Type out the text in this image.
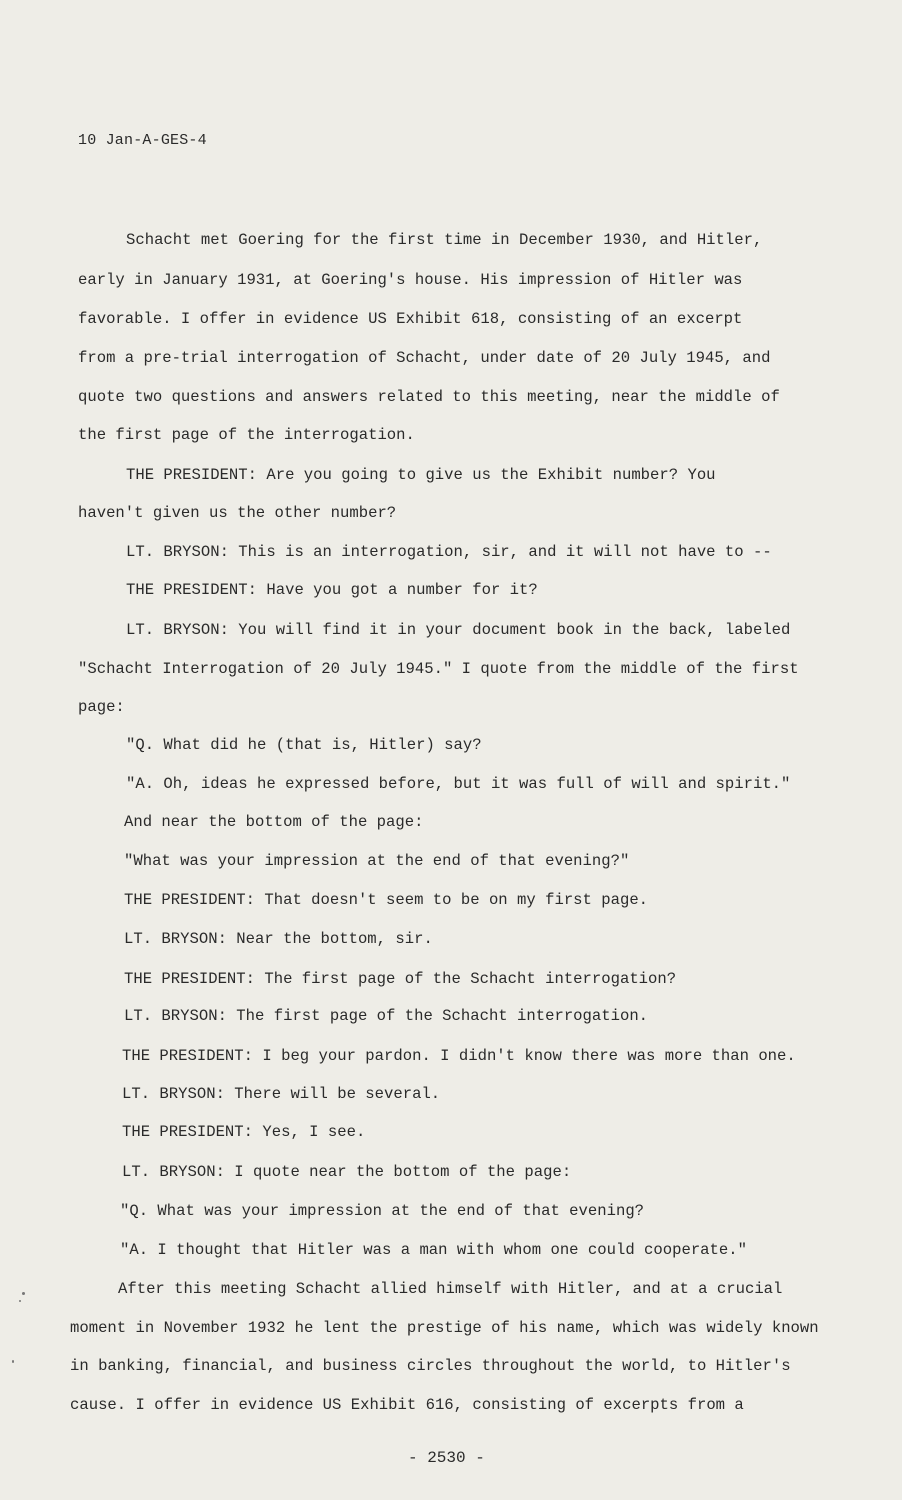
10 Jan-A-GES-4
Schacht met Goering for the first time in December 1930, and Hitler,
early in January 1931, at Goering's house. His impression of Hitler was
favorable. I offer in evidence US Exhibit 618, consisting of an excerpt
from a pre-trial interrogation of Schacht, under date of 20 July 1945, and
quote two questions and answers related to this meeting, near the middle of
the first page of the interrogation.
THE PRESIDENT: Are you going to give us the Exhibit number? You
haven't given us the other number?
LT. BRYSON: This is an interrogation, sir, and it will not have to --
THE PRESIDENT: Have you got a number for it?
LT. BRYSON: You will find it in your document book in the back, labeled
"Schacht Interrogation of 20 July 1945." I quote from the middle of the first
page:
"Q. What did he (that is, Hitler) say?
"A. Oh, ideas he expressed before, but it was full of will and spirit."
And near the bottom of the page:
"What was your impression at the end of that evening?"
THE PRESIDENT: That doesn't seem to be on my first page.
LT. BRYSON: Near the bottom, sir.
THE PRESIDENT: The first page of the Schacht interrogation?
LT. BRYSON: The first page of the Schacht interrogation.
THE PRESIDENT: I beg your pardon. I didn't know there was more than one.
LT. BRYSON: There will be several.
THE PRESIDENT: Yes, I see.
LT. BRYSON: I quote near the bottom of the page:
"Q. What was your impression at the end of that evening?
"A. I thought that Hitler was a man with whom one could cooperate."
After this meeting Schacht allied himself with Hitler, and at a crucial
moment in November 1932 he lent the prestige of his name, which was widely known
in banking, financial, and business circles throughout the world, to Hitler's
cause. I offer in evidence US Exhibit 616, consisting of excerpts from a
- 2530 -
